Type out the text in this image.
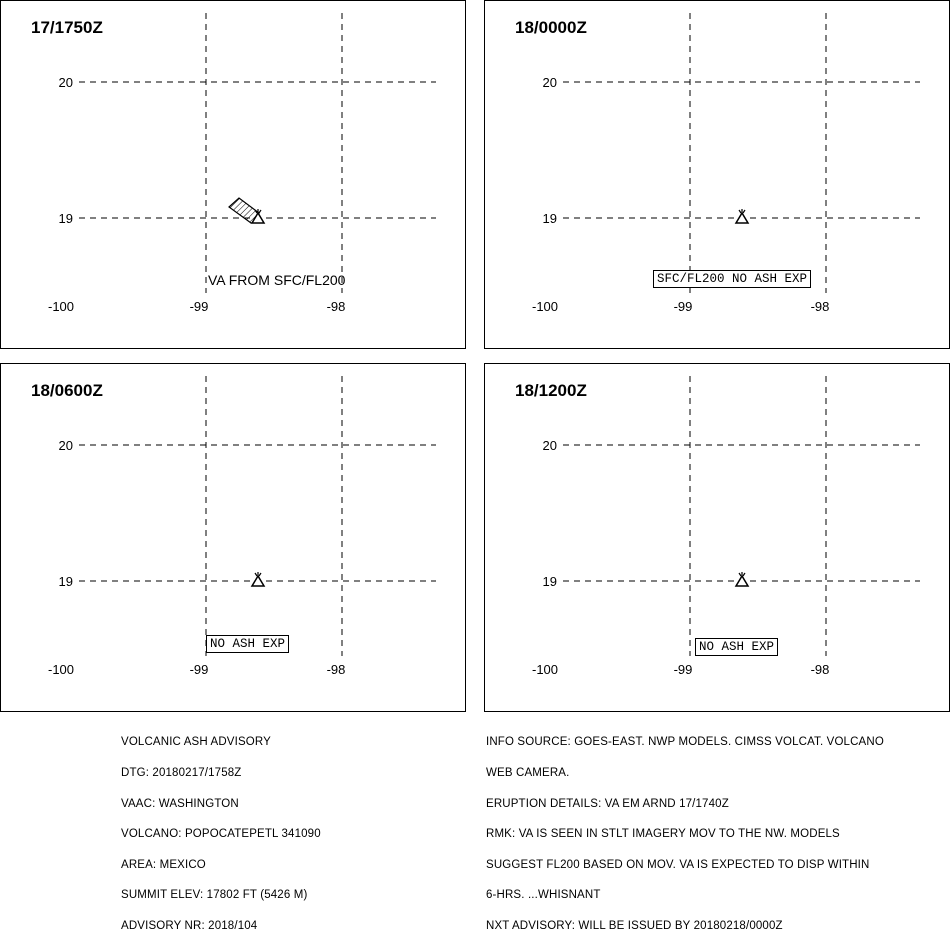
17/1750Z
20
19
-100	-99	-98
VA FROM SFC/FL200
18/0000Z
20
19
-100	-99	-98
SFC/FL200 NO ASH EXP
18/0600Z
20
19
-100	-99	-98
NO ASH EXP
18/1200Z
20
19
-100	-99	-98
NO ASH EXP

VOLCANIC ASH ADVISORY

DTG: 20180217/1758Z

VAAC: WASHINGTON

VOLCANO: POPOCATEPETL 341090

AREA: MEXICO

SUMMIT ELEV: 17802 FT (5426 M)

ADVISORY NR: 2018/104

INFO SOURCE: GOES-EAST. NWP MODELS. CIMSS VOLCAT. VOLCANO

WEB CAMERA.

ERUPTION DETAILS: VA EM ARND 17/1740Z

RMK: VA IS SEEN IN STLT IMAGERY MOV TO THE NW. MODELS

SUGGEST FL200 BASED ON MOV. VA IS EXPECTED TO DISP WITHIN

6-HRS. ...WHISNANT

NXT ADVISORY: WILL BE ISSUED BY 20180218/0000Z
